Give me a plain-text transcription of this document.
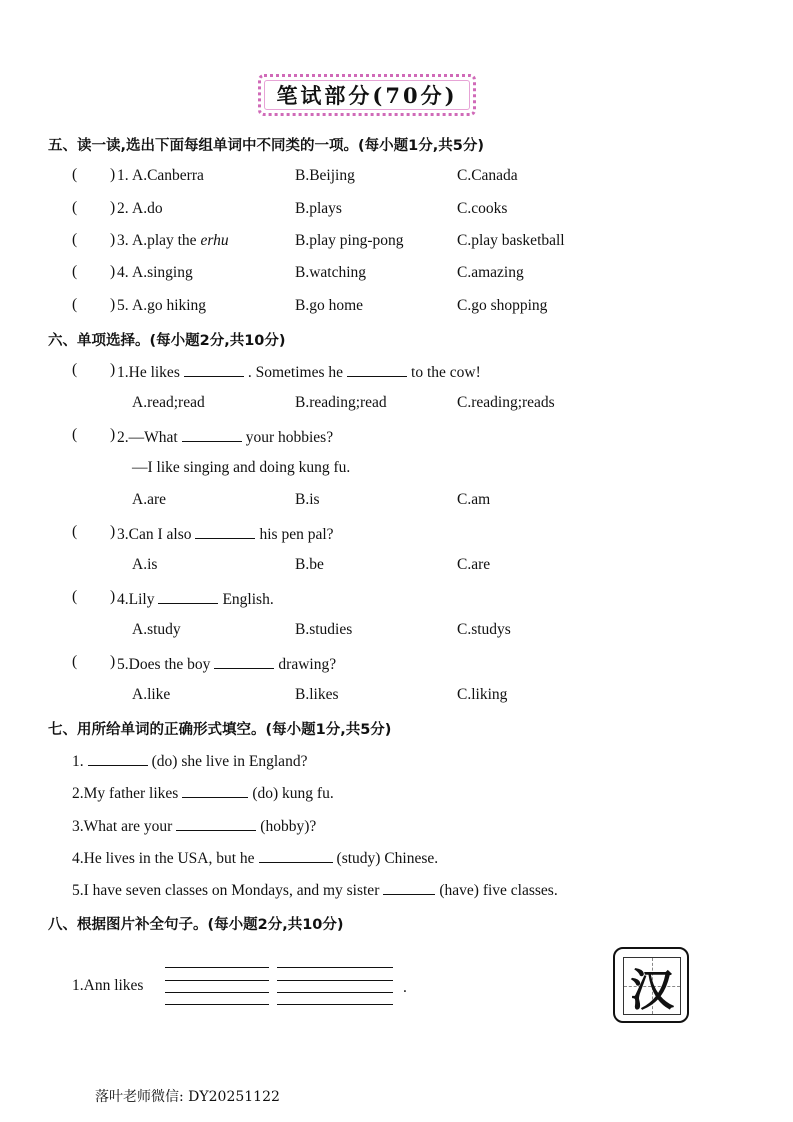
笔试部分(70分)
五、读一读,选出下面每组单词中不同类的一项。(每小题1分,共5分)
( ) 1. A.Canberra	B.Beijing	C.Canada
( ) 2. A.do	B.plays	C.cooks
( ) 3. A.play the erhu	B.play ping-pong	C.play basketball
( ) 4. A.singing	B.watching	C.amazing
( ) 5. A.go hiking	B.go home	C.go shopping
六、单项选择。(每小题2分,共10分)
( ) 1.He likes	. Sometimes he	to the cow!
A.read;read	B.reading;read	C.reading;reads
( ) 2.—What	your hobbies?
—I like singing and doing kung fu.
A.are	B.is	C.am
( ) 3.Can I also	his pen pal?
A.is	B.be	C.are
( ) 4.Lily	English.
A.study	B.studies	C.studys
( ) 5.Does the boy	drawing?
A.like	B.likes	C.liking
七、用所给单词的正确形式填空。(每小题1分,共5分)
1.	(do) she live in England?
2.My father likes	(do) kung fu.
3.What are your	(hobby)?
4.He lives in the USA, but he	(study) Chinese.
5.I have seven classes on Mondays, and my sister	(have) five classes.
八、根据图片补全句子。(每小题2分,共10分)
1.Ann likes	.	汉
落叶老师微信: DY20251122
